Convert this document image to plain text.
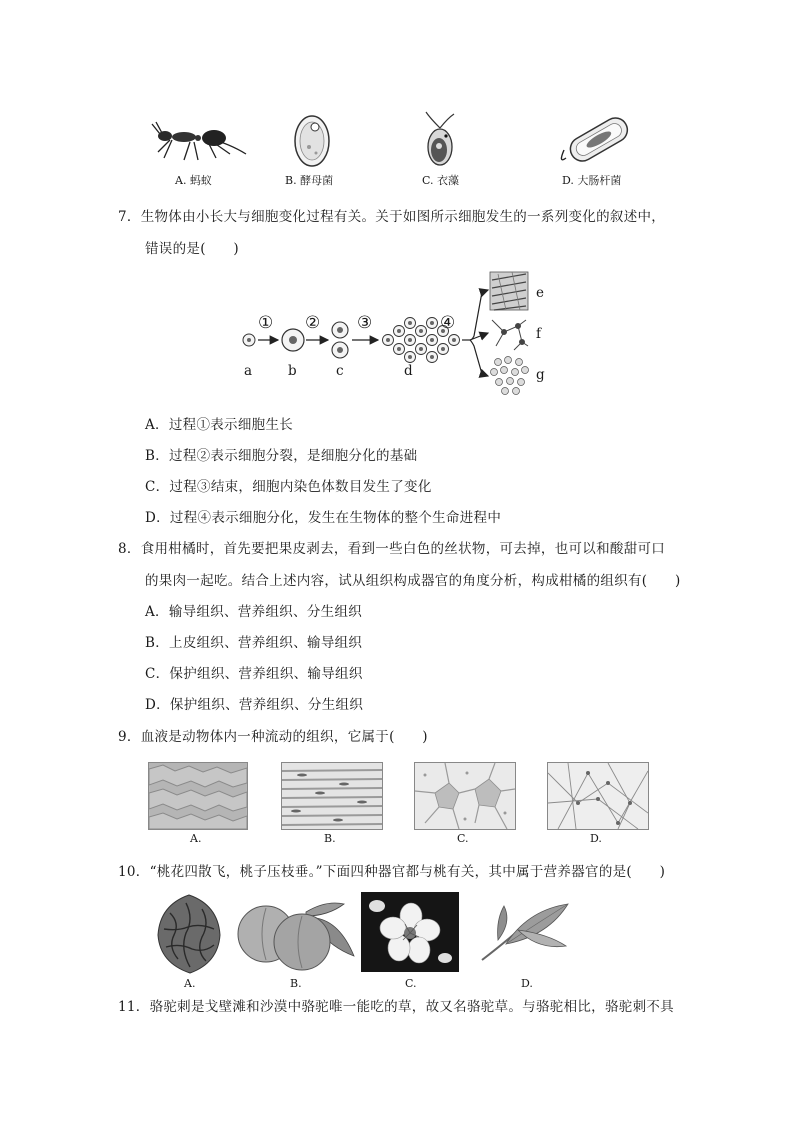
A. 蚂蚁	B. 酵母菌	C. 衣藻	D. 大肠杆菌
7．生物体由小长大与细胞变化过程有关。关于如图所示细胞发生的一系列变化的叙述中，
错误的是(　　)
① ② ③	④
a	b	c	d
e
f
g
A．过程①表示细胞生长
B．过程②表示细胞分裂，是细胞分化的基础
C．过程③结束，细胞内染色体数目发生了变化
D．过程④表示细胞分化，发生在生物体的整个生命进程中
8．食用柑橘时，首先要把果皮剥去，看到一些白色的丝状物，可去掉，也可以和酸甜可口
的果肉一起吃。结合上述内容，试从组织构成器官的角度分析，构成柑橘的组织有(　　)
A．输导组织、营养组织、分生组织
B．上皮组织、营养组织、输导组织
C．保护组织、营养组织、输导组织
D．保护组织、营养组织、分生组织
9．血液是动物体内一种流动的组织，它属于(　　)
A.	B.	C.	D.
10．“桃花四散飞，桃子压枝垂。”下面四种器官都与桃有关，其中属于营养器官的是(　　)
A.	B.	C.	D.
11．骆驼刺是戈壁滩和沙漠中骆驼唯一能吃的草，故又名骆驼草。与骆驼相比，骆驼刺不具
